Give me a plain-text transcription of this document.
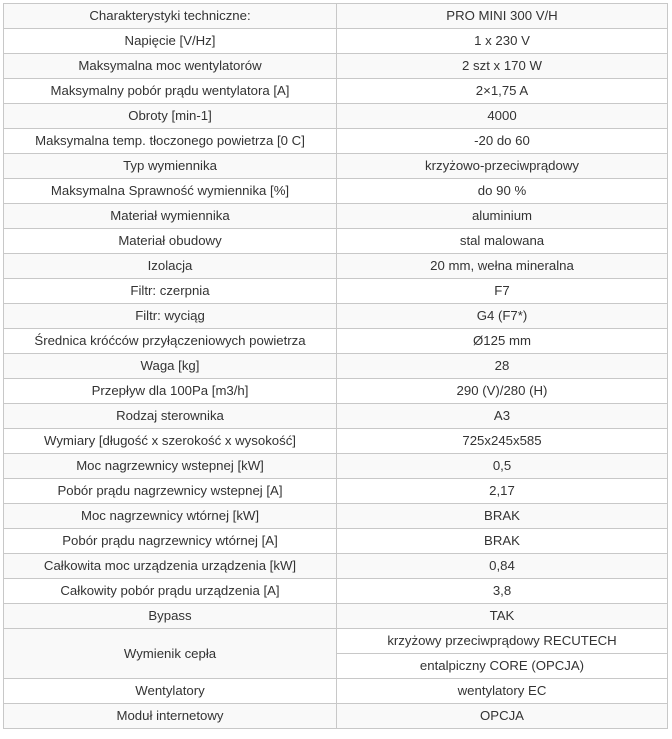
Charakterystyki techniczne:	PRO MINI 300 V/H
Napięcie [V/Hz]	1 x 230 V
Maksymalna moc wentylatorów	2 szt x 170 W
Maksymalny pobór prądu wentylatora [A]	2×1,75 A
Obroty [min-1]	4000
Maksymalna temp. tłoczonego powietrza [0 C]	-20 do 60
Typ wymiennika	krzyżowo-przeciwprądowy
Maksymalna Sprawność wymiennika [%]	do 90 %
Materiał wymiennika	aluminium
Materiał obudowy	stal malowana
Izolacja	20 mm, wełna mineralna
Filtr: czerpnia	F7
Filtr: wyciąg	G4 (F7*)
Średnica króćców przyłączeniowych powietrza	Ø125 mm
Waga [kg]	28
Przepływ dla 100Pa [m3/h]	290 (V)/280 (H)
Rodzaj sterownika	A3
Wymiary [długość x szerokość x wysokość]	725x245x585
Moc nagrzewnicy wstepnej [kW]	0,5
Pobór prądu nagrzewnicy wstepnej [A]	2,17
Moc nagrzewnicy wtórnej [kW]	BRAK
Pobór prądu nagrzewnicy wtórnej [A]	BRAK
Całkowita moc urządzenia urządzenia [kW]	0,84
Całkowity pobór prądu urządzenia [A]	3,8
Bypass	TAK
Wymienik cepła	krzyżowy przeciwprądowy RECUTECH
	entalpiczny CORE (OPCJA)
Wentylatory	wentylatory EC
Moduł internetowy	OPCJA
